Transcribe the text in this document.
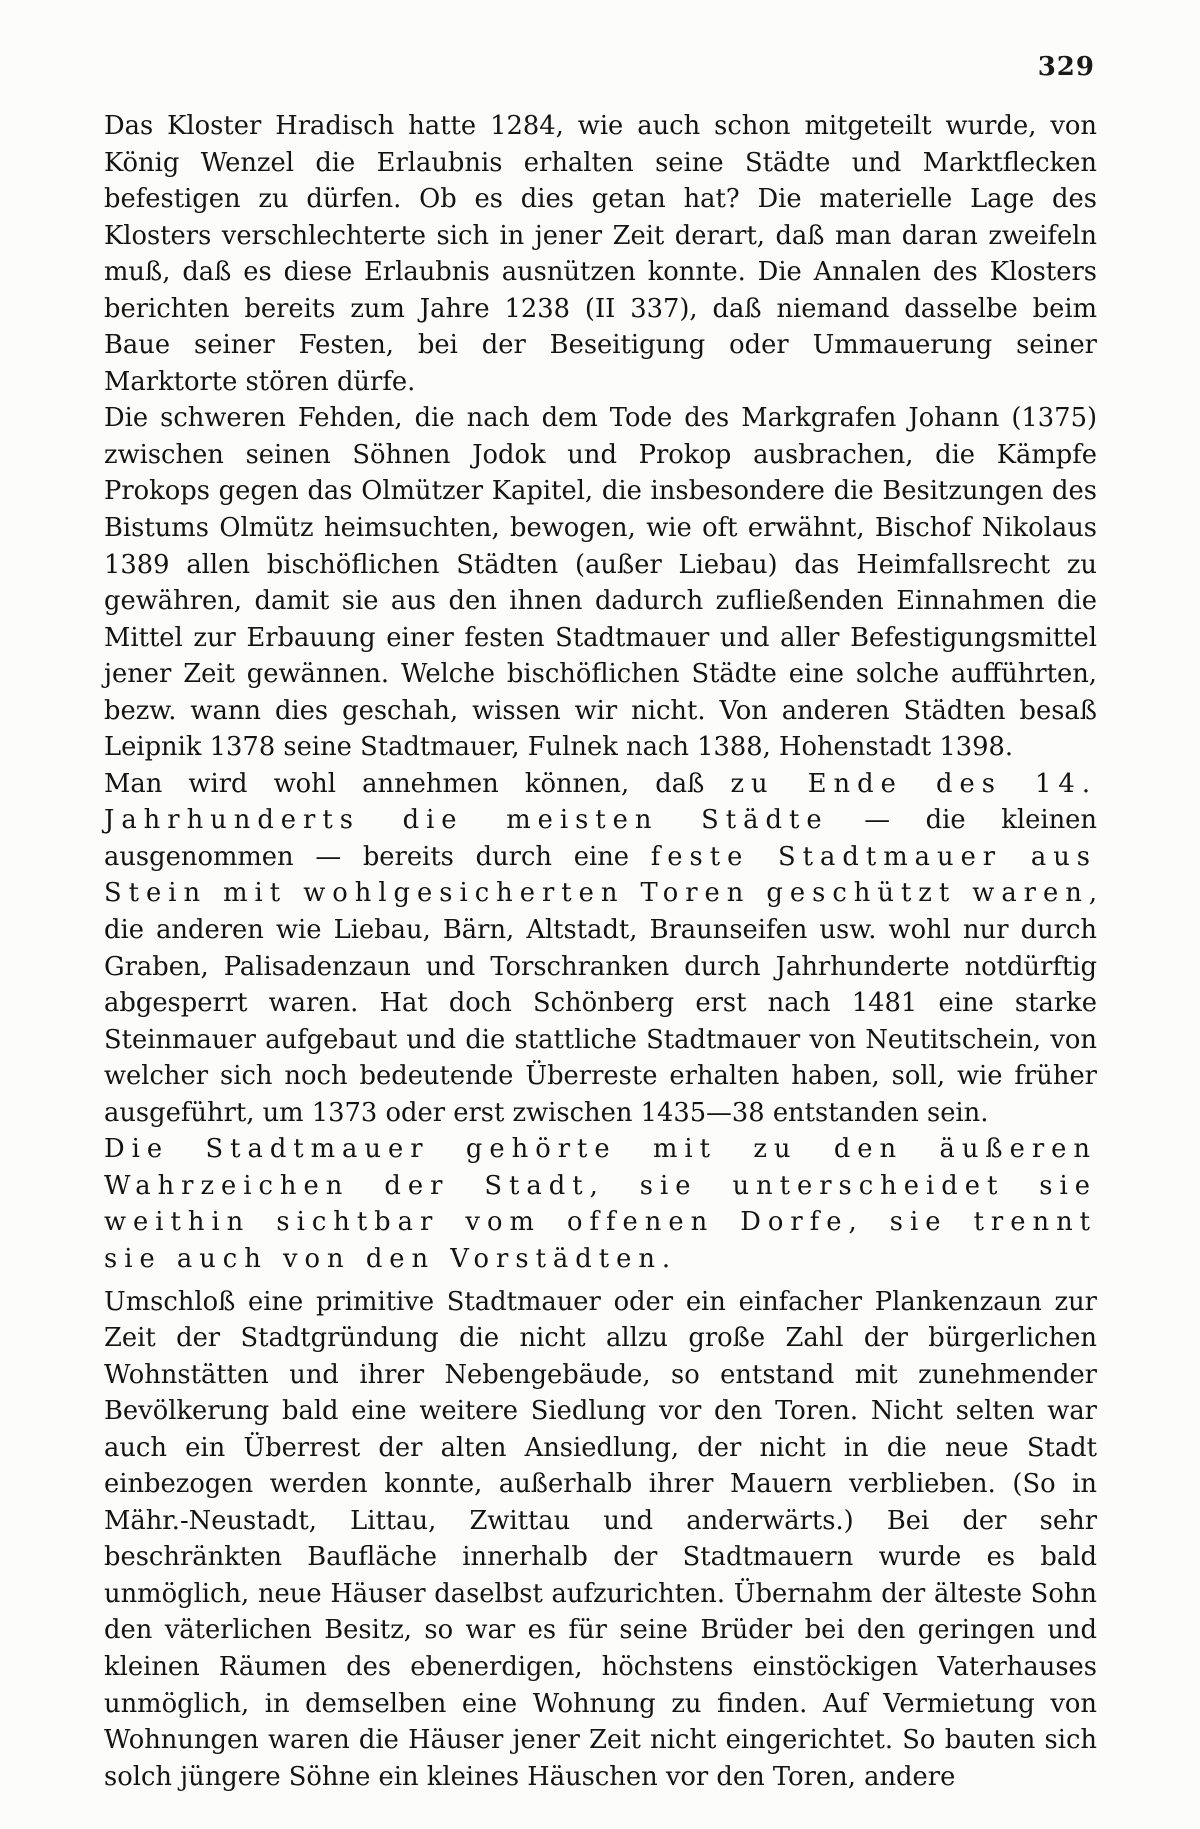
329

Das Kloster Hradisch hatte 1284, wie auch schon mitgeteilt wurde, von König Wenzel die Erlaubnis erhalten seine Städte und Marktflecken befestigen zu dürfen. Ob es dies getan hat? Die materielle Lage des Klosters verschlechterte sich in jener Zeit derart, daß man daran zweifeln muß, daß es diese Erlaubnis ausnützen konnte. Die Annalen des Klosters berichten bereits zum Jahre 1238 (II 337), daß niemand dasselbe beim Baue seiner Festen, bei der Beseitigung oder Ummauerung seiner Marktorte stören dürfe.

Die schweren Fehden, die nach dem Tode des Markgrafen Johann (1375) zwischen seinen Söhnen Jodok und Prokop ausbrachen, die Kämpfe Prokops gegen das Olmützer Kapitel, die insbesondere die Besitzungen des Bistums Olmütz heimsuchten, bewogen, wie oft erwähnt, Bischof Nikolaus 1389 allen bischöflichen Städten (außer Liebau) das Heimfallsrecht zu gewähren, damit sie aus den ihnen dadurch zufließenden Einnahmen die Mittel zur Erbauung einer festen Stadtmauer und aller Befestigungsmittel jener Zeit gewännen. Welche bischöflichen Städte eine solche aufführten, bezw. wann dies geschah, wissen wir nicht. Von anderen Städten besaß Leipnik 1378 seine Stadtmauer, Fulnek nach 1388, Hohenstadt 1398.

Man wird wohl annehmen können, daß zu Ende des 14. Jahrhunderts die meisten Städte — die kleinen ausgenommen — bereits durch eine feste Stadtmauer aus Stein mit wohlgesicherten Toren geschützt waren, die anderen wie Liebau, Bärn, Altstadt, Braunseifen usw. wohl nur durch Graben, Palisadenzaun und Torschranken durch Jahrhunderte notdürftig abgesperrt waren. Hat doch Schönberg erst nach 1481 eine starke Steinmauer aufgebaut und die stattliche Stadtmauer von Neutitschein, von welcher sich noch bedeutende Überreste erhalten haben, soll, wie früher ausgeführt, um 1373 oder erst zwischen 1435—38 entstanden sein.

Die Stadtmauer gehörte mit zu den äußeren Wahrzeichen der Stadt, sie unterscheidet sie weithin sichtbar vom offenen Dorfe, sie trennt sie auch von den Vorstädten.

Umschloß eine primitive Stadtmauer oder ein einfacher Plankenzaun zur Zeit der Stadtgründung die nicht allzu große Zahl der bürgerlichen Wohnstätten und ihrer Nebengebäude, so entstand mit zunehmender Bevölkerung bald eine weitere Siedlung vor den Toren. Nicht selten war auch ein Überrest der alten Ansiedlung, der nicht in die neue Stadt einbezogen werden konnte, außerhalb ihrer Mauern verblieben. (So in Mähr.-Neustadt, Littau, Zwittau und anderwärts.) Bei der sehr beschränkten Baufläche innerhalb der Stadtmauern wurde es bald unmöglich, neue Häuser daselbst aufzurichten. Übernahm der älteste Sohn den väterlichen Besitz, so war es für seine Brüder bei den geringen und kleinen Räumen des ebenerdigen, höchstens einstöckigen Vaterhauses unmöglich, in demselben eine Wohnung zu finden. Auf Vermietung von Wohnungen waren die Häuser jener Zeit nicht eingerichtet. So bauten sich solch jüngere Söhne ein kleines Häuschen vor den Toren, andere
